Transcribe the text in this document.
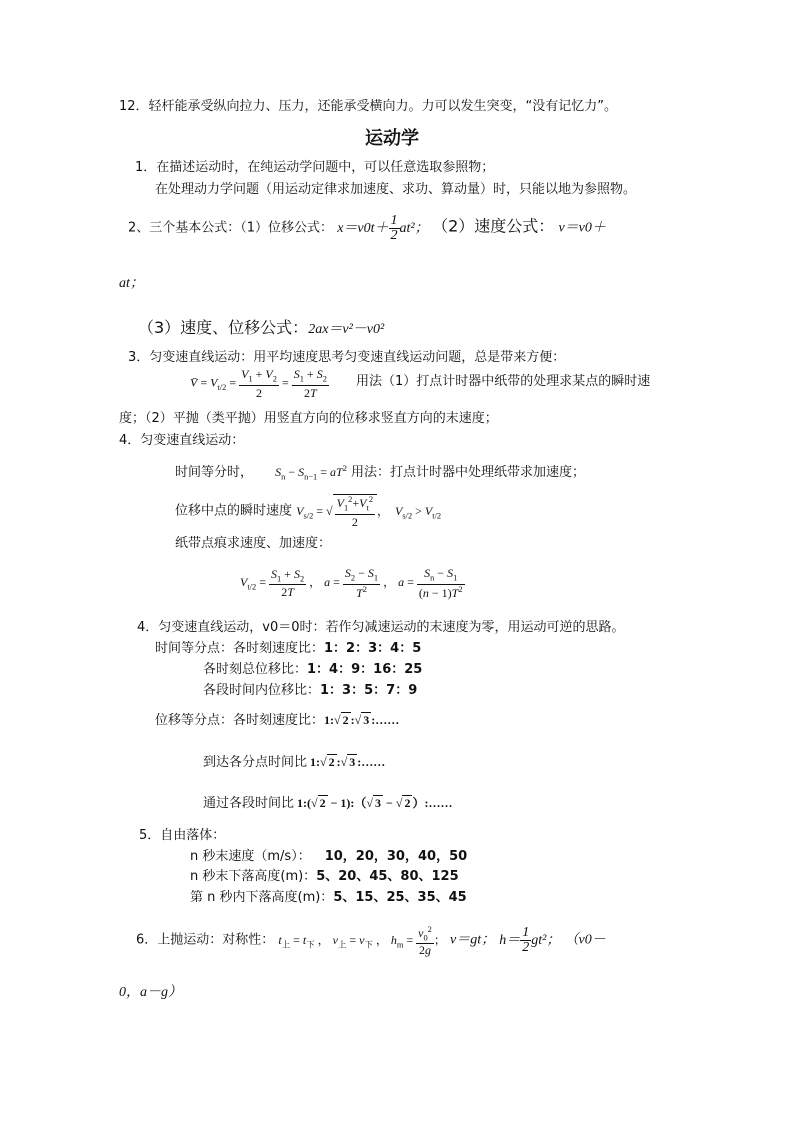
12．轻杆能承受纵向拉力、压力，还能承受横向力。力可以发生突变，“没有记忆力”。
运动学
1．在描述运动时，在纯运动学问题中，可以任意选取参照物；
在处理动力学问题（用运动定律求加速度、求功、算动量）时，只能以地为参照物。
2、三个基本公式：（1）位移公式： $x=v0t+ \frac{1}{2} at^2$； （2）速度公式： v＝v0＋
at；
（3）速度、位移公式：2ax＝v²－v0²
3．匀变速直线运动：用平均速度思考匀变速直线运动问题，总是带来方便：
V̄ = $V_{t/2} = \frac{V_1 + V_2}{2} = \frac{S_1 + S_2}{2T}$ 用法（1）打点计时器中纸带的处理求某点的瞬时速
度；（2）平抛（类平抛）用竖直方向的位移求竖直方向的末速度；
4．匀变速直线运动：
时间等分时， $S_n - S_{n-1} = aT^2$ 用法：打点计时器中处理纸带求加速度；
位移中点的瞬时速度 $V_{s/2}$ = √ $\frac{V_1^2+V_t^2}{2}$ ，  $V_{s/2} > V_{t/2}$
纸带点痕求速度、加速度：
$V_{t/2} = \frac{S_1 + S_2}{2T}$ ， $a = \frac{S_2 - S_1}{T^2}$ ， $a = \frac{S_n - S_1}{(n - 1)T^2}$
4．匀变速直线运动，v0＝0时：若作匀减速运动的末速度为零，用运动可逆的思路。
时间等分点：各时刻速度比：1：2：3：4：5
各时刻总位移比：1：4：9：16：25
各段时间内位移比：1：3：5：7：9
位移等分点：各时刻速度比：1:√ 2 :√ 3 :……
到达各分点时间比 1:√ 2 :√ 3 :……
通过各段时间比 1:(√ 2 − 1):（√ 3 − √ 2 ）:……
5．自由落体：
n 秒末速度（m/s）： 10，20，30，40，50
n 秒末下落高度(m)：5、20、45、80、125
第 n 秒内下落高度(m)：5、15、25、35、45
6．上抛运动：对称性： $t_上 = t_下$ ， $v_上 = v_下$ ， $h_m = \frac{v_0^2}{2g}$ ； v＝gt； $h= \frac{1}{2} gt^2$； （v0－
0，a－g）
